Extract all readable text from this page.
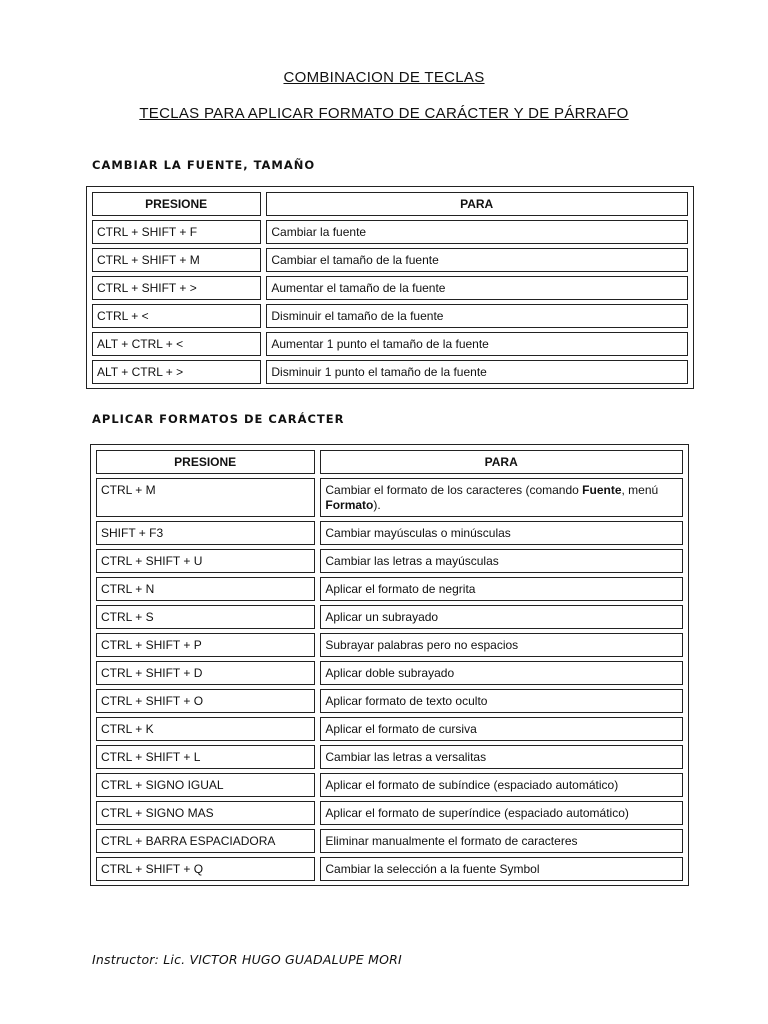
COMBINACION DE TECLAS
TECLAS PARA APLICAR FORMATO DE CARÁCTER Y DE PÁRRAFO
CAMBIAR LA FUENTE, TAMAÑO
PRESIONE	PARA
CTRL + SHIFT + F	Cambiar la fuente
CTRL + SHIFT + M	Cambiar el tamaño de la fuente
CTRL + SHIFT + >	Aumentar el tamaño de la fuente
CTRL + <	Disminuir el tamaño de la fuente
ALT + CTRL + <	Aumentar 1 punto el tamaño de la fuente
ALT + CTRL + >	Disminuir 1 punto el tamaño de la fuente
APLICAR FORMATOS DE CARÁCTER
PRESIONE	PARA
CTRL + M	Cambiar el formato de los caracteres (comando Fuente, menú Formato).
SHIFT + F3	Cambiar mayúsculas o minúsculas
CTRL + SHIFT + U	Cambiar las letras a mayúsculas
CTRL + N	Aplicar el formato de negrita
CTRL + S	Aplicar un subrayado
CTRL + SHIFT + P	Subrayar palabras pero no espacios
CTRL + SHIFT + D	Aplicar doble subrayado
CTRL + SHIFT + O	Aplicar formato de texto oculto
CTRL + K	Aplicar el formato de cursiva
CTRL + SHIFT + L	Cambiar las letras a versalitas
CTRL + SIGNO IGUAL	Aplicar el formato de subíndice (espaciado automático)
CTRL + SIGNO MAS	Aplicar el formato de superíndice (espaciado automático)
CTRL + BARRA ESPACIADORA	Eliminar manualmente el formato de caracteres
CTRL + SHIFT + Q	Cambiar la selección a la fuente Symbol

Instructor: Lic. VICTOR HUGO GUADALUPE MORI
